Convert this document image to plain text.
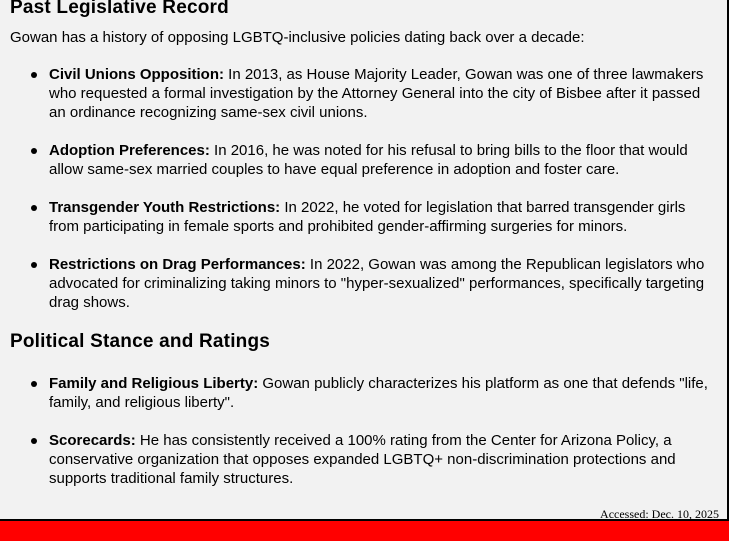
Past Legislative Record

Gowan has a history of opposing LGBTQ-inclusive policies dating back over a decade:

Civil Unions Opposition: In 2013, as House Majority Leader, Gowan was one of three lawmakers who requested a formal investigation by the Attorney General into the city of Bisbee after it passed an ordinance recognizing same-sex civil unions.
Adoption Preferences: In 2016, he was noted for his refusal to bring bills to the floor that would allow same-sex married couples to have equal preference in adoption and foster care.
Transgender Youth Restrictions: In 2022, he voted for legislation that barred transgender girls from participating in female sports and prohibited gender-affirming surgeries for minors.
Restrictions on Drag Performances: In 2022, Gowan was among the Republican legislators who advocated for criminalizing taking minors to "hyper-sexualized" performances, specifically targeting drag shows.
Political Stance and Ratings
Family and Religious Liberty: Gowan publicly characterizes his platform as one that defends "life, family, and religious liberty".
Scorecards: He has consistently received a 100% rating from the Center for Arizona Policy, a conservative organization that opposes expanded LGBTQ+ non-discrimination protections and supports traditional family structures.
Accessed: Dec. 10, 2025
